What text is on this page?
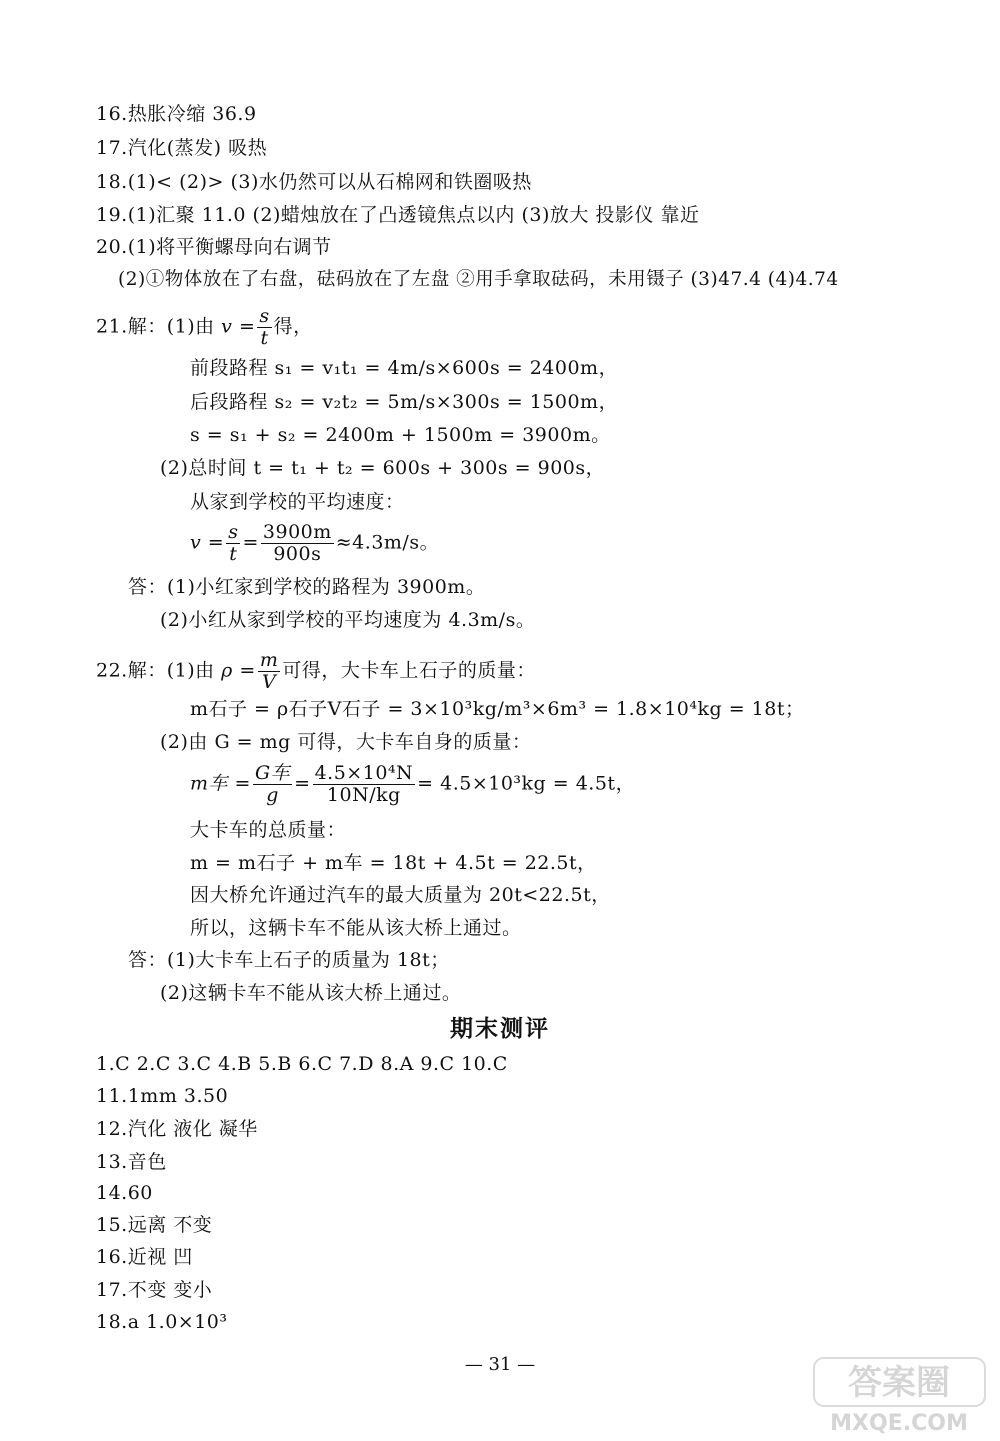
16.热胀冷缩 36.9
17.汽化(蒸发) 吸热
18.(1)< (2)> (3)水仍然可以从石棉网和铁圈吸热
19.(1)汇聚 11.0 (2)蜡烛放在了凸透镜焦点以内 (3)放大 投影仪 靠近
20.(1)将平衡螺母向右调节
(2)①物体放在了右盘，砝码放在了左盘 ②用手拿取砝码，未用镊子 (3)47.4 (4)4.74
21.解：(1)由 $v = \frac{s}{t}$ 得，
前段路程 s₁ = v₁t₁ = 4m/s×600s = 2400m，
后段路程 s₂ = v₂t₂ = 5m/s×300s = 1500m，
s = s₁ + s₂ = 2400m + 1500m = 3900m。
(2)总时间 t = t₁ + t₂ = 600s + 300s = 900s，
从家到学校的平均速度：
$v = \frac{s}{t} = \frac{3900m}{900s} \approx 4.3m/s$。
答：(1)小红家到学校的路程为 3900m。
(2)小红从家到学校的平均速度为 4.3m/s。
22.解：(1)由 $\rho = \frac{m}{V}$ 可得，大卡车上石子的质量：
m石子 = ρ石子V石子 = 3×10³kg/m³×6m³ = 1.8×10⁴kg = 18t；
(2)由 G = mg 可得，大卡车自身的质量：
m车 = $\frac{\text{G车}}{g} = \frac{\text{4.5×10⁴N}}{10N/kg} = 4.5\times 10^3kg = 4.5t$，
大卡车的总质量：
m = m石子 + m车 = 18t + 4.5t = 22.5t，
因大桥允许通过汽车的最大质量为 20t<22.5t，
所以，这辆卡车不能从该大桥上通过。
答：(1)大卡车上石子的质量为 18t；
(2)这辆卡车不能从该大桥上通过。
期末测评
1.C 2.C 3.C 4.B 5.B 6.C 7.D 8.A 9.C 10.C
11.1mm 3.50
12.汽化 液化 凝华
13.音色
14.60
15.远离 不变
16.近视 凹
17.不变 变小
18.a 1.0×10³
— 31 —	答案圈
MXQE.COM
